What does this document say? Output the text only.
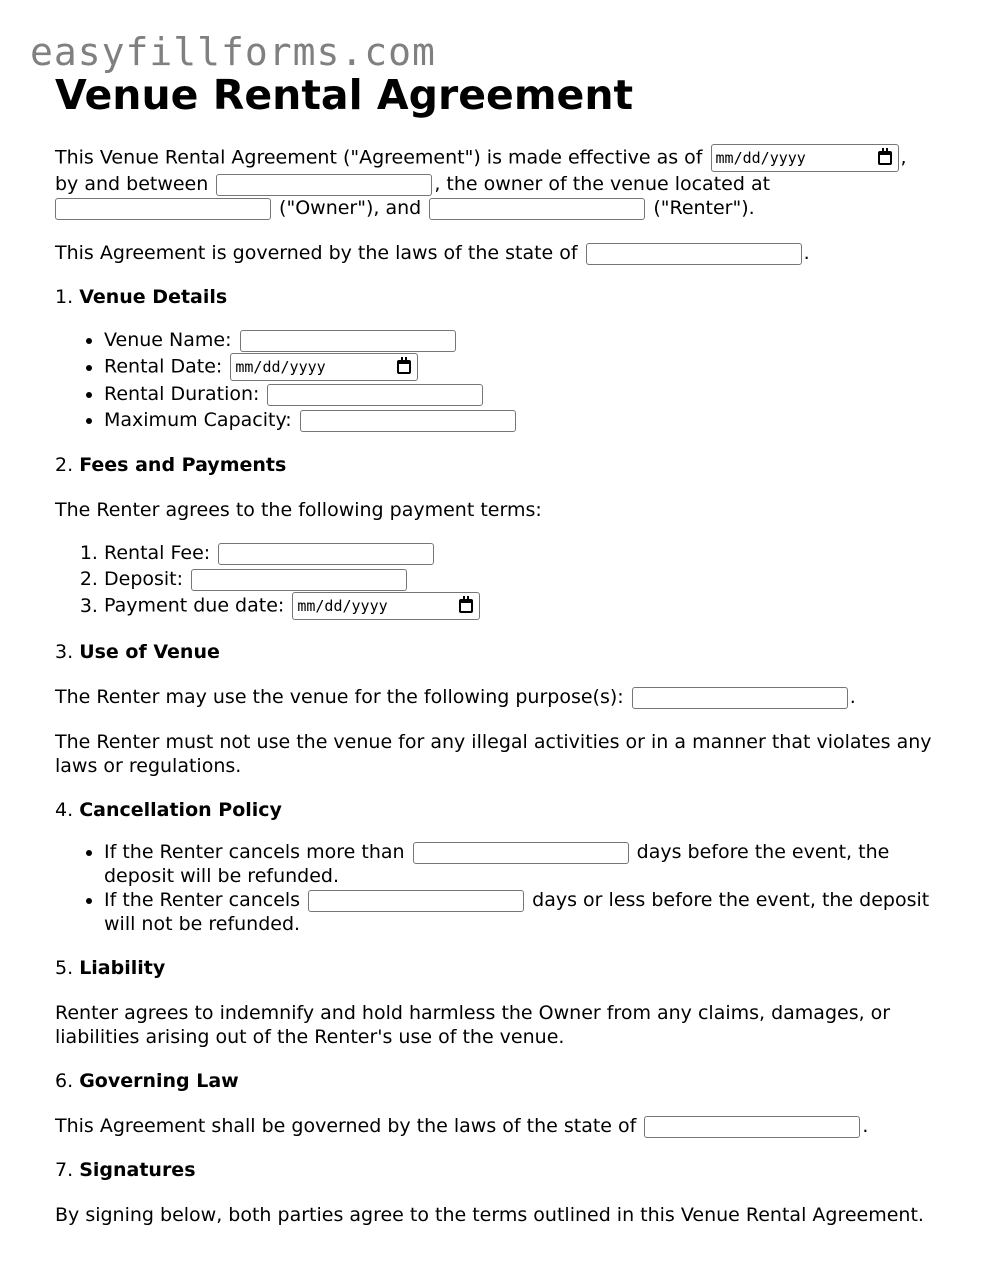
easyfillforms.com
Venue Rental Agreement

This Venue Rental Agreement ("Agreement") is made effective as of mm/dd/yyyy	,
by and between	, the owner of the venue located at
("Owner"), and	("Renter").

This Agreement is governed by the laws of the state of	.

1. Venue Details

• Venue Name:
• Rental Date: mm/dd/yyyy
• Rental Duration:
• Maximum Capacity:

2. Fees and Payments

The Renter agrees to the following payment terms:

1. Rental Fee:
2. Deposit:
3. Payment due date: mm/dd/yyyy

3. Use of Venue

The Renter may use the venue for the following purpose(s):	.

The Renter must not use the venue for any illegal activities or in a manner that violates any laws or regulations.

4. Cancellation Policy

• If the Renter cancels more than	days before the event, the deposit will be refunded.
• If the Renter cancels	days or less before the event, the deposit will not be refunded.

5. Liability

Renter agrees to indemnify and hold harmless the Owner from any claims, damages, or liabilities arising out of the Renter's use of the venue.

6. Governing Law

This Agreement shall be governed by the laws of the state of	.

7. Signatures

By signing below, both parties agree to the terms outlined in this Venue Rental Agreement.
